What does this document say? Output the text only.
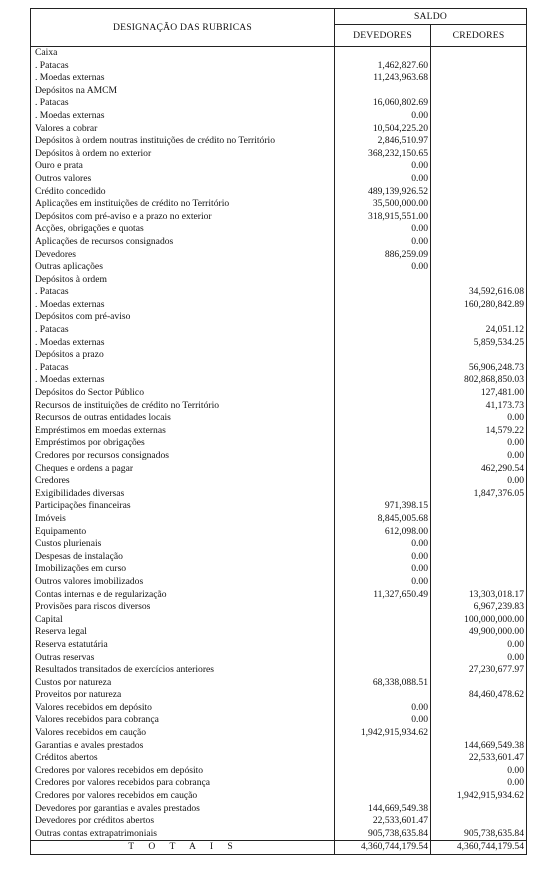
DESIGNAÇÃO DAS RUBRICAS	SALDO	
	DEVEDORES	CREDORES
Caixa		
. Patacas	1,462,827.60	
. Moedas externas	11,243,963.68	
Depósitos na AMCM		
. Patacas	16,060,802.69	
. Moedas externas	0.00	
Valores a cobrar	10,504,225.20	
Depósitos à ordem noutras instituições de crédito no Território	2,846,510.97	
Depósitos à ordem no exterior	368,232,150.65	
Ouro e prata	0.00	
Outros valores	0.00	
Crédito concedido	489,139,926.52	
Aplicações em instituições de crédito no Território	35,500,000.00	
Depósitos com pré-aviso e a prazo no exterior	318,915,551.00	
Acções, obrigações e quotas	0.00	
Aplicações de recursos consignados	0.00	
Devedores	886,259.09	
Outras aplicações	0.00	
Depósitos à ordem		
. Patacas		34,592,616.08
. Moedas externas		160,280,842.89
Depósitos com pré-aviso		
. Patacas		24,051.12
. Moedas externas		5,859,534.25
Depósitos a prazo		
. Patacas		56,906,248.73
. Moedas externas		802,868,850.03
Depósitos do Sector Público		127,481.00
Recursos de instituições de crédito no Território		41,173.73
Recursos de outras entidades locais		0.00
Empréstimos em moedas externas		14,579.22
Empréstimos por obrigações		0.00
Credores por recursos consignados		0.00
Cheques e ordens a pagar		462,290.54
Credores		0.00
Exigibilidades diversas		1,847,376.05
Participações financeiras	971,398.15	
Imóveis	8,845,005.68	
Equipamento	612,098.00	
Custos plurienais	0.00	
Despesas de instalação	0.00	
Imobilizações em curso	0.00	
Outros valores imobilizados	0.00	
Contas internas e de regularização	11,327,650.49	13,303,018.17
Provisões para riscos diversos		6,967,239.83
Capital		100,000,000.00
Reserva legal		49,900,000.00
Reserva estatutária		0.00
Outras reservas		0.00
Resultados transitados de exercícios anteriores		27,230,677.97
Custos por natureza	68,338,088.51	
Proveitos por natureza		84,460,478.62
Valores recebidos em depósito	0.00	
Valores recebidos para cobrança	0.00	
Valores recebidos em caução	1,942,915,934.62	
Garantias e avales prestados		144,669,549.38
Créditos abertos		22,533,601.47
Credores por valores recebidos em depósito		0.00
Credores por valores recebidos para cobrança		0.00
Credores por valores recebidos em caução		1,942,915,934.62
Devedores por garantias e avales prestados	144,669,549.38	
Devedores por créditos abertos	22,533,601.47	
Outras contas extrapatrimoniais	905,738,635.84	905,738,635.84
T O T A I S	4,360,744,179.54	4,360,744,179.54
